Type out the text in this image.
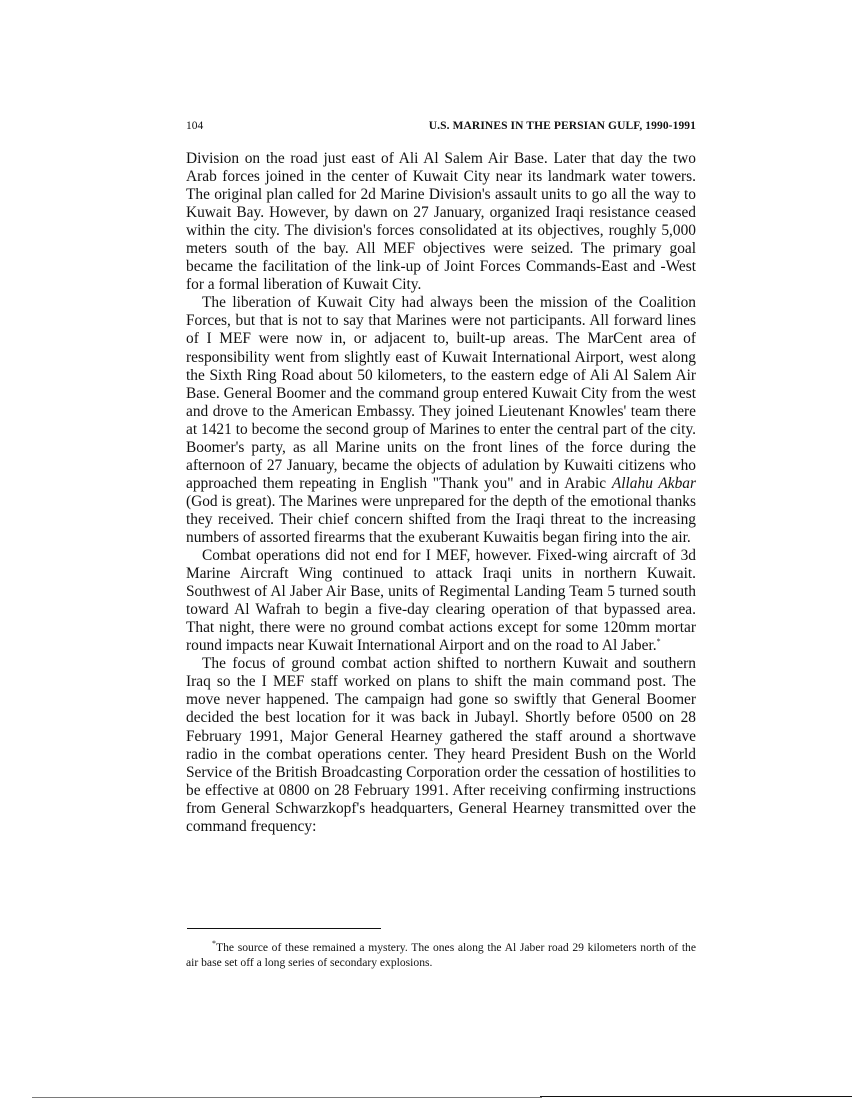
104	U.S. MARINES IN THE PERSIAN GULF, 1990-1991

Division on the road just east of Ali Al Salem Air Base. Later that day the two Arab forces joined in the center of Kuwait City near its landmark water towers. The original plan called for 2d Marine Division's assault units to go all the way to Kuwait Bay. However, by dawn on 27 January, organized Iraqi resistance ceased within the city. The division's forces consolidated at its objectives, roughly 5,000 meters south of the bay. All MEF objectives were seized. The primary goal became the facilitation of the link-up of Joint Forces Commands-East and -West for a formal liberation of Kuwait City.

The liberation of Kuwait City had always been the mission of the Coalition Forces, but that is not to say that Marines were not participants. All forward lines of I MEF were now in, or adjacent to, built-up areas. The MarCent area of responsibility went from slightly east of Kuwait International Airport, west along the Sixth Ring Road about 50 kilometers, to the eastern edge of Ali Al Salem Air Base. General Boomer and the command group entered Kuwait City from the west and drove to the American Embassy. They joined Lieutenant Knowles' team there at 1421 to become the second group of Marines to enter the central part of the city. Boomer's party, as all Marine units on the front lines of the force during the afternoon of 27 January, became the objects of adulation by Kuwaiti citizens who approached them repeating in English "Thank you" and in Arabic Allahu Akbar (God is great). The Marines were unprepared for the depth of the emotional thanks they received. Their chief concern shifted from the Iraqi threat to the increasing numbers of assorted firearms that the exuberant Kuwaitis began firing into the air.

Combat operations did not end for I MEF, however. Fixed-wing aircraft of 3d Marine Aircraft Wing continued to attack Iraqi units in northern Kuwait. Southwest of Al Jaber Air Base, units of Regimental Landing Team 5 turned south toward Al Wafrah to begin a five-day clearing operation of that bypassed area. That night, there were no ground combat actions except for some 120mm mortar round impacts near Kuwait International Airport and on the road to Al Jaber.*

The focus of ground combat action shifted to northern Kuwait and southern Iraq so the I MEF staff worked on plans to shift the main command post. The move never happened. The campaign had gone so swiftly that General Boomer decided the best location for it was back in Jubayl. Shortly before 0500 on 28 February 1991, Major General Hearney gathered the staff around a shortwave radio in the combat operations center. They heard President Bush on the World Service of the British Broadcasting Corporation order the cessation of hostilities to be effective at 0800 on 28 February 1991. After receiving confirming instructions from General Schwarzkopf's headquarters, General Hearney transmitted over the command frequency:

*The source of these remained a mystery. The ones along the Al Jaber road 29 kilometers north of the air base set off a long series of secondary explosions.
